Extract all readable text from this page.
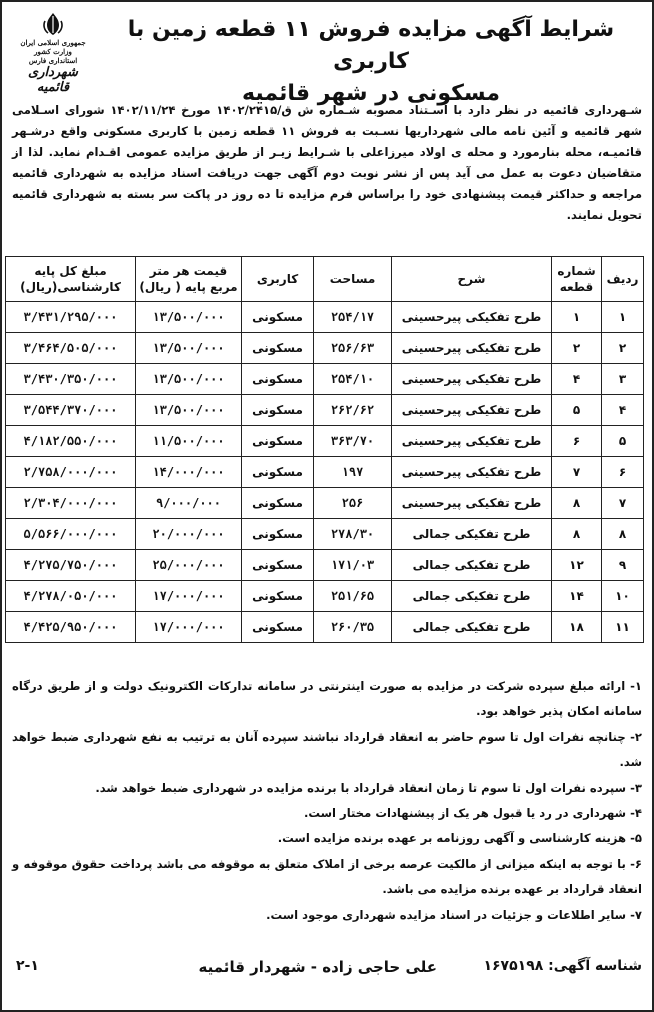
جمهوری اسلامی ایران
وزارت کشور
استانداری فارس
شهرداری قائمیه
شرایط آگهی مزایده فروش ۱۱ قطعه زمین با کاربری
مسکونی در شهر قائمیه
شـهرداری قائمیه در نظر دارد با اسـتناد مصوبه شـماره ش ق/۱۴۰۲/۲۴۱۵ مورخ ۱۴۰۲/۱۱/۲۴ شورای اسـلامی شهر قائمیه و آئین نامه مالی شهرداریها نسـبت به فروش ۱۱ قطعه زمین با کاربری مسکونی واقع درشـهر قائمیـه، محله بنارمورد و محله ی اولاد میرزاعلی با شـرایط زیـر از طریق مزایده عمومی اقـدام نماید. لذا از متقاضیان دعوت به عمل می آید پس از نشر نوبت دوم آگهی جهت دریافت اسناد مزایده به شهرداری قائمیه مراجعه و حداکثر قیمت پیشنهادی خود را براساس فرم مزایده تا ده روز در پاکت سر بسته به شهرداری قائمیه تحویل نمایند.
ردیف	شماره قطعه	شرح	مساحت	کاربری	قیمت هر متر مربع پایه ( ریال)	مبلغ کل پایه کارشناسی(ریال)
۱	۱	طرح تفکیکی پیرحسینی	۲۵۴/۱۷	مسکونی	۱۳/۵۰۰/۰۰۰	۳/۴۳۱/۲۹۵/۰۰۰
۲	۲	طرح تفکیکی پیرحسینی	۲۵۶/۶۳	مسکونی	۱۳/۵۰۰/۰۰۰	۳/۴۶۴/۵۰۵/۰۰۰
۳	۴	طرح تفکیکی پیرحسینی	۲۵۴/۱۰	مسکونی	۱۳/۵۰۰/۰۰۰	۳/۴۳۰/۳۵۰/۰۰۰
۴	۵	طرح تفکیکی پیرحسینی	۲۶۲/۶۲	مسکونی	۱۳/۵۰۰/۰۰۰	۳/۵۴۴/۳۷۰/۰۰۰
۵	۶	طرح تفکیکی پیرحسینی	۳۶۳/۷۰	مسکونی	۱۱/۵۰۰/۰۰۰	۴/۱۸۲/۵۵۰/۰۰۰
۶	۷	طرح تفکیکی پیرحسینی	۱۹۷	مسکونی	۱۴/۰۰۰/۰۰۰	۲/۷۵۸/۰۰۰/۰۰۰
۷	۸	طرح تفکیکی پیرحسینی	۲۵۶	مسکونی	۹/۰۰۰/۰۰۰	۲/۳۰۴/۰۰۰/۰۰۰
۸	۸	طرح تفکیکی جمالی	۲۷۸/۳۰	مسکونی	۲۰/۰۰۰/۰۰۰	۵/۵۶۶/۰۰۰/۰۰۰
۹	۱۲	طرح تفکیکی جمالی	۱۷۱/۰۳	مسکونی	۲۵/۰۰۰/۰۰۰	۴/۲۷۵/۷۵۰/۰۰۰
۱۰	۱۴	طرح تفکیکی جمالی	۲۵۱/۶۵	مسکونی	۱۷/۰۰۰/۰۰۰	۴/۲۷۸/۰۵۰/۰۰۰
۱۱	۱۸	طرح تفکیکی جمالی	۲۶۰/۳۵	مسکونی	۱۷/۰۰۰/۰۰۰	۴/۴۲۵/۹۵۰/۰۰۰
۱- ارائه مبلغ سپرده شرکت در مزایده به صورت اینترنتی در سامانه تدارکات الکترونیک دولت و از طریق درگاه سامانه امکان پذیر خواهد بود.
۲- چنانچه نفرات اول تا سوم حاضر به انعقاد قرارداد نباشند سپرده آنان به ترتیب به نفع شهرداری ضبط خواهد شد.
۳- سپرده نفرات اول تا سوم تا زمان انعقاد قرارداد با برنده مزایده در شهرداری ضبط خواهد شد.
۴- شهرداری در رد یا قبول هر یک از پیشنهادات مختار است.
۵- هزینه کارشناسی و آگهی روزنامه بر عهده برنده مزایده است.
۶- با توجه به اینکه میزانی از مالکیت عرصه برخی از املاک متعلق به موقوفه می باشد پرداخت حقوق موقوفه و انعقاد قرارداد بر عهده برنده مزایده می باشد.
۷- سایر اطلاعات و جزئیات در اسناد مزایده شهرداری موجود است.
شناسه آگهی: ۱۶۷۵۱۹۸
علی حاجی زاده - شهردار قائمیه
۲-۱
